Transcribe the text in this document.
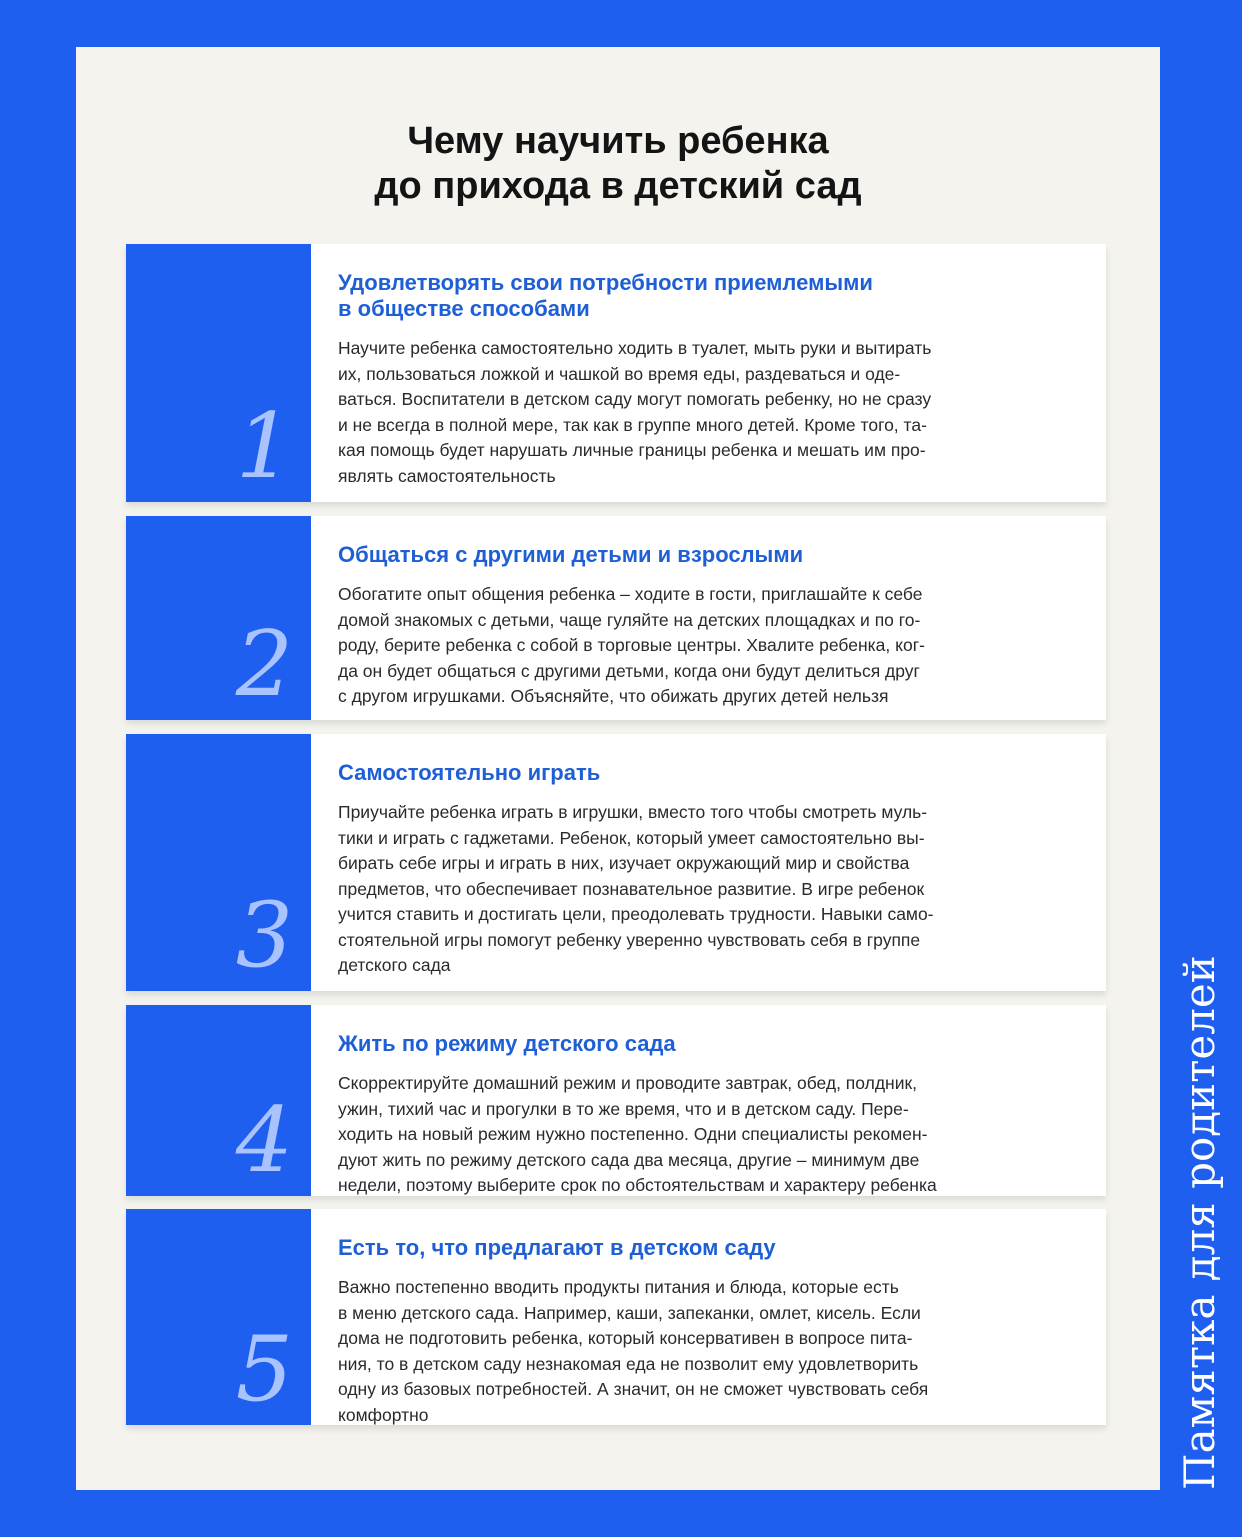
Чему научить ребенка
до прихода в детский сад
1
Удовлетворять свои потребности приемлемыми
в обществе способами
Научите ребенка самостоятельно ходить в туалет, мыть руки и вытирать
их, пользоваться ложкой и чашкой во время еды, раздеваться и оде-
ваться. Воспитатели в детском саду могут помогать ребенку, но не сразу
и не всегда в полной мере, так как в группе много детей. Кроме того, та-
кая помощь будет нарушать личные границы ребенка и мешать им про-
являть самостоятельность
2
Общаться с другими детьми и взрослыми
Обогатите опыт общения ребенка – ходите в гости, приглашайте к себе
домой знакомых с детьми, чаще гуляйте на детских площадках и по го-
роду, берите ребенка с собой в торговые центры. Хвалите ребенка, ког-
да он будет общаться с другими детьми, когда они будут делиться друг
с другом игрушками. Объясняйте, что обижать других детей нельзя
3
Самостоятельно играть
Приучайте ребенка играть в игрушки, вместо того чтобы смотреть муль-
тики и играть с гаджетами. Ребенок, который умеет самостоятельно вы-
бирать себе игры и играть в них, изучает окружающий мир и свойства
предметов, что обеспечивает познавательное развитие. В игре ребенок
учится ставить и достигать цели, преодолевать трудности. Навыки само-
стоятельной игры помогут ребенку уверенно чувствовать себя в группе
детского сада
4
Жить по режиму детского сада
Скорректируйте домашний режим и проводите завтрак, обед, полдник,
ужин, тихий час и прогулки в то же время, что и в детском саду. Пере-
ходить на новый режим нужно постепенно. Одни специалисты рекомен-
дуют жить по режиму детского сада два месяца, другие – минимум две
недели, поэтому выберите срок по обстоятельствам и характеру ребенка
5
Есть то, что предлагают в детском саду
Важно постепенно вводить продукты питания и блюда, которые есть
в меню детского сада. Например, каши, запеканки, омлет, кисель. Если
дома не подготовить ребенка, который консервативен в вопросе пита-
ния, то в детском саду незнакомая еда не позволит ему удовлетворить
одну из базовых потребностей. А значит, он не сможет чувствовать себя
комфортно	Памятка для родителей
